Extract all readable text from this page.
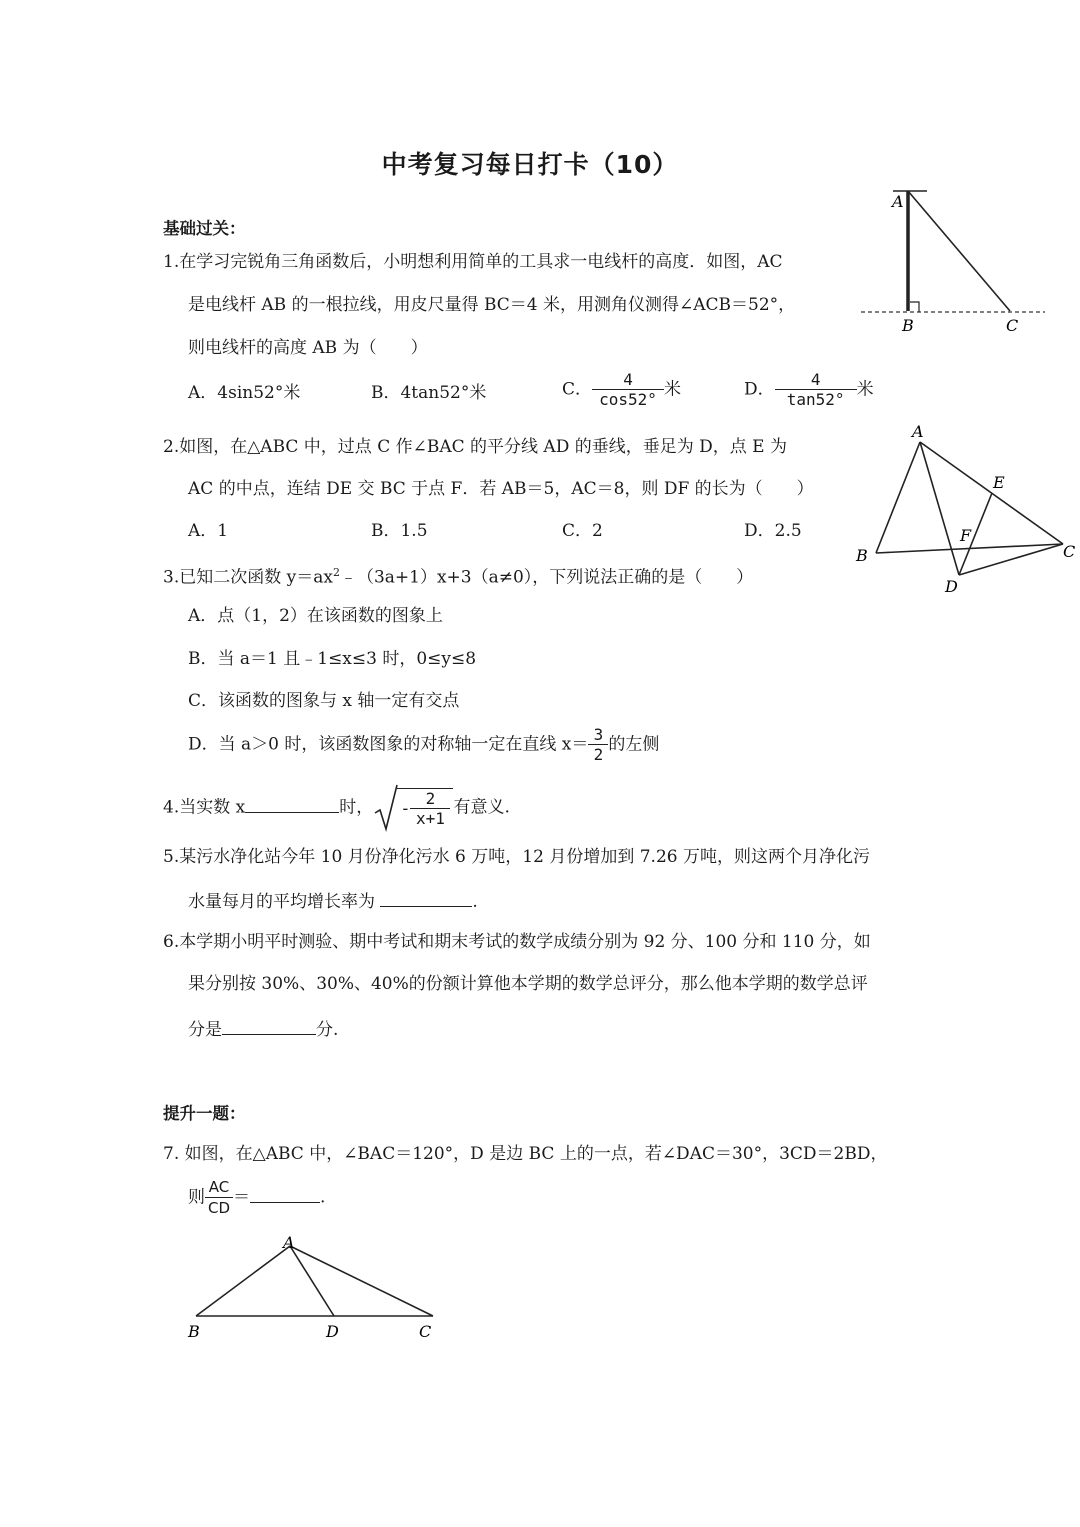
中考复习每日打卡（10）
基础过关：
1.在学习完锐角三角函数后，小明想利用简单的工具求一电线杆的高度．如图，AC
是电线杆 AB 的一根拉线，用皮尺量得 BC＝4 米，用测角仪测得∠ACB＝52°，
则电线杆的高度 AB 为（　　）
A．4sin52°米	B．4tan52°米	C． $\frac{4}{\cos 52^\circ}$ 米	D． $\frac{4}{\tan 52^\circ}$ 米
A
B	C
2.如图，在△ABC 中，过点 C 作∠BAC 的平分线 AD 的垂线，垂足为 D，点 E 为
AC 的中点，连结 DE 交 BC 于点 F．若 AB＝5，AC＝8，则 DF 的长为（　　）
A．1	B．1.5	C．2	D．2.5
A
B	C
D
E
F
3.已知二次函数 $y=ax^2﹣(3a+1)x+3(a\ne 0)$，下列说法正确的是（　　）
A．点（1，2）在该函数的图象上
B．当 a＝1 且﹣1≤x≤3 时，0≤y≤8
C．该函数的图象与 x 轴一定有交点
D．当 a＞0 时，该函数图象的对称轴一定在直线 $x= \frac{3}{2}$ 的左侧
4.当实数 x	时， - $\frac{2}{x+1}$ 有意义.
5.某污水净化站今年 10 月份净化污水 6 万吨，12 月份增加到 7.26 万吨，则这两个月净化污
水量每月的平均增长率为	.
6.本学期小明平时测验、期中考试和期末考试的数学成绩分别为 92 分、100 分和 110 分，如
果分别按 30%、30%、40%的份额计算他本学期的数学总评分，那么他本学期的数学总评
分是	分.
提升一题：
7. 如图，在△ABC 中，∠BAC＝120°，D 是边 BC 上的一点，若∠DAC＝30°，3CD＝2BD，
则 $\frac{AC}{CD}$ ＝	.
A
B	D	C
